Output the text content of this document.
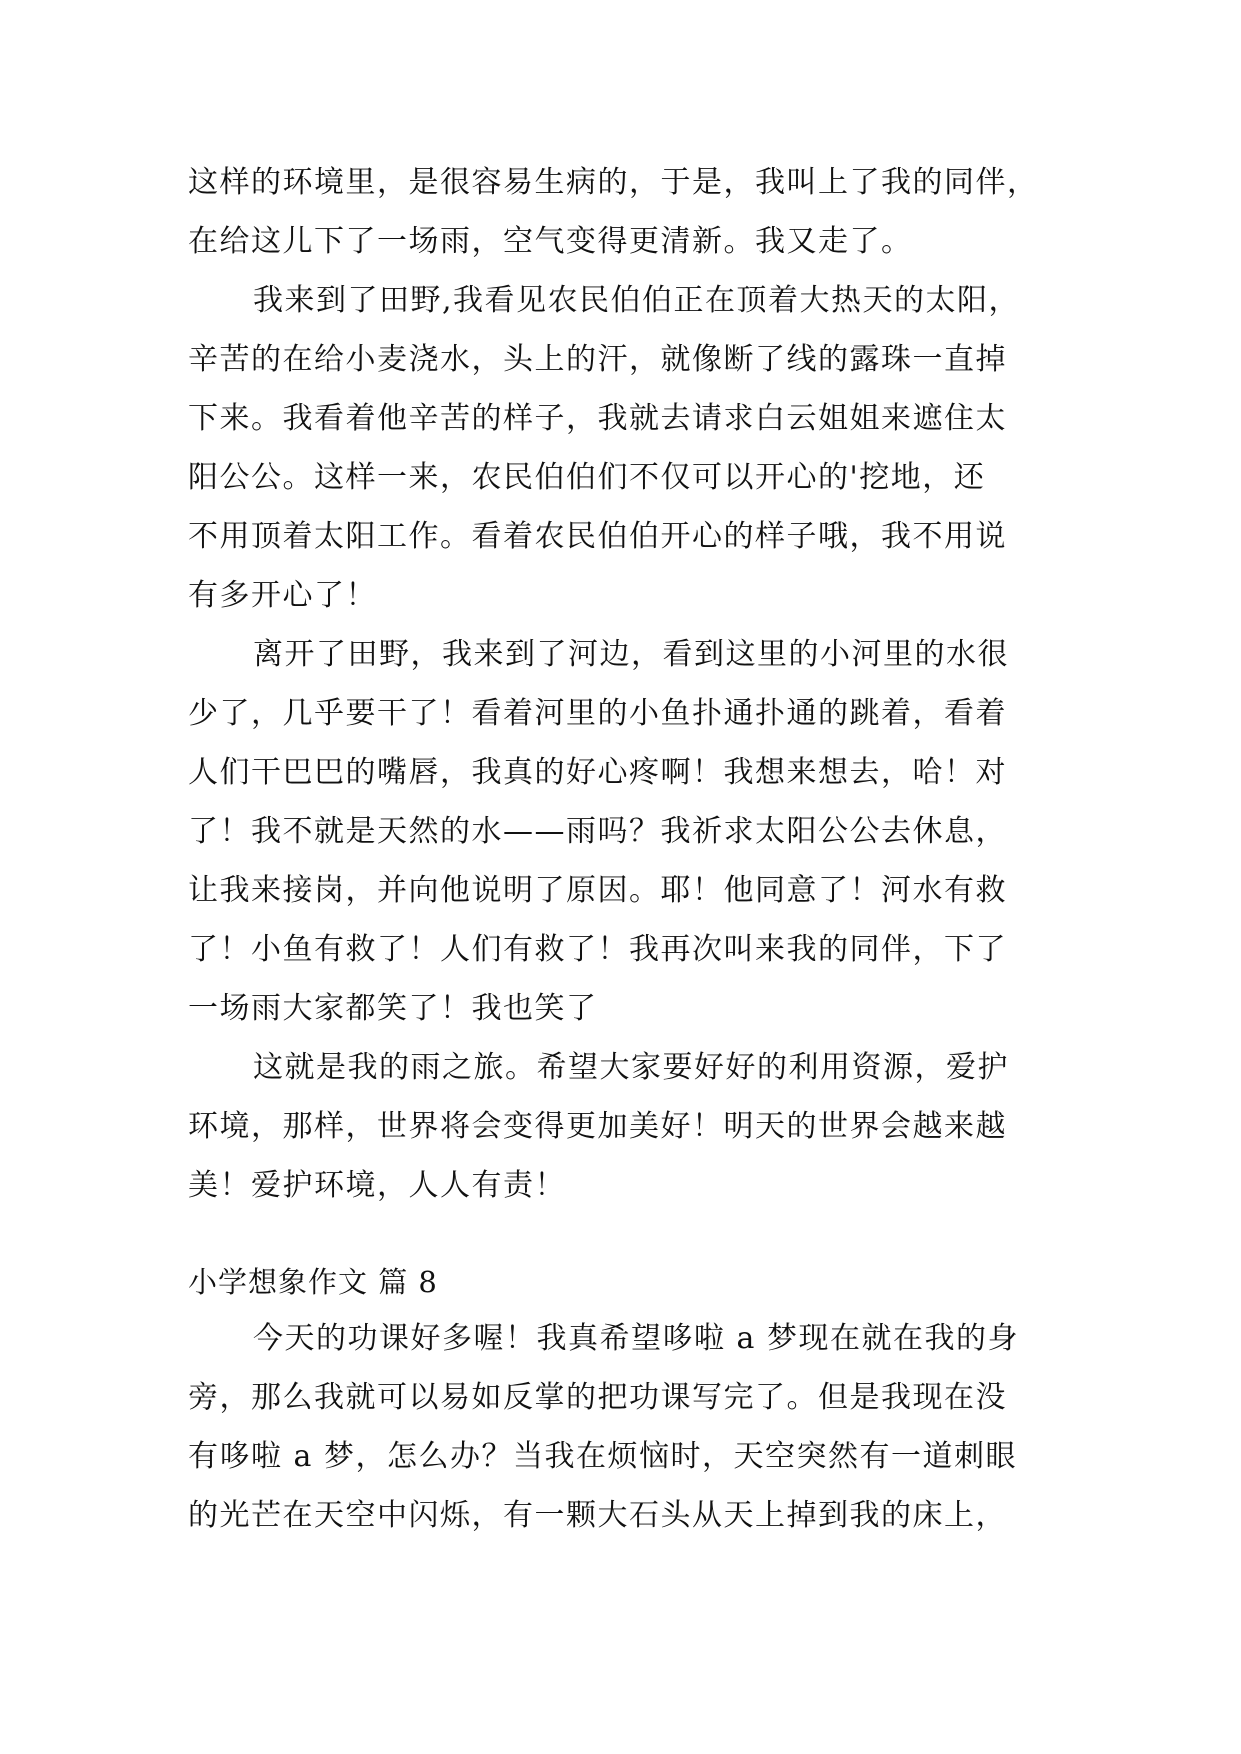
这样的环境里，是很容易生病的，于是，我叫上了我的同伴，
在给这儿下了一场雨，空气变得更清新。我又走了。
我来到了田野,我看见农民伯伯正在顶着大热天的太阳，
辛苦的在给小麦浇水，头上的汗，就像断了线的露珠一直掉
下来。我看着他辛苦的样子，我就去请求白云姐姐来遮住太
阳公公。这样一来，农民伯伯们不仅可以开心的'挖地，还
不用顶着太阳工作。看着农民伯伯开心的样子哦，我不用说
有多开心了！
离开了田野，我来到了河边，看到这里的小河里的水很
少了，几乎要干了！看着河里的小鱼扑通扑通的跳着，看着
人们干巴巴的嘴唇，我真的好心疼啊！我想来想去，哈！对
了！我不就是天然的水——雨吗？我祈求太阳公公去休息，
让我来接岗，并向他说明了原因。耶！他同意了！河水有救
了！小鱼有救了！人们有救了！我再次叫来我的同伴，下了
一场雨大家都笑了！我也笑了
这就是我的雨之旅。希望大家要好好的利用资源，爱护
环境，那样，世界将会变得更加美好！明天的世界会越来越
美！爱护环境，人人有责！
小学想象作文 篇 8
今天的功课好多喔！我真希望哆啦 a 梦现在就在我的身
旁，那么我就可以易如反掌的把功课写完了。但是我现在没
有哆啦 a 梦，怎么办？当我在烦恼时，天空突然有一道刺眼
的光芒在天空中闪烁，有一颗大石头从天上掉到我的床上，
